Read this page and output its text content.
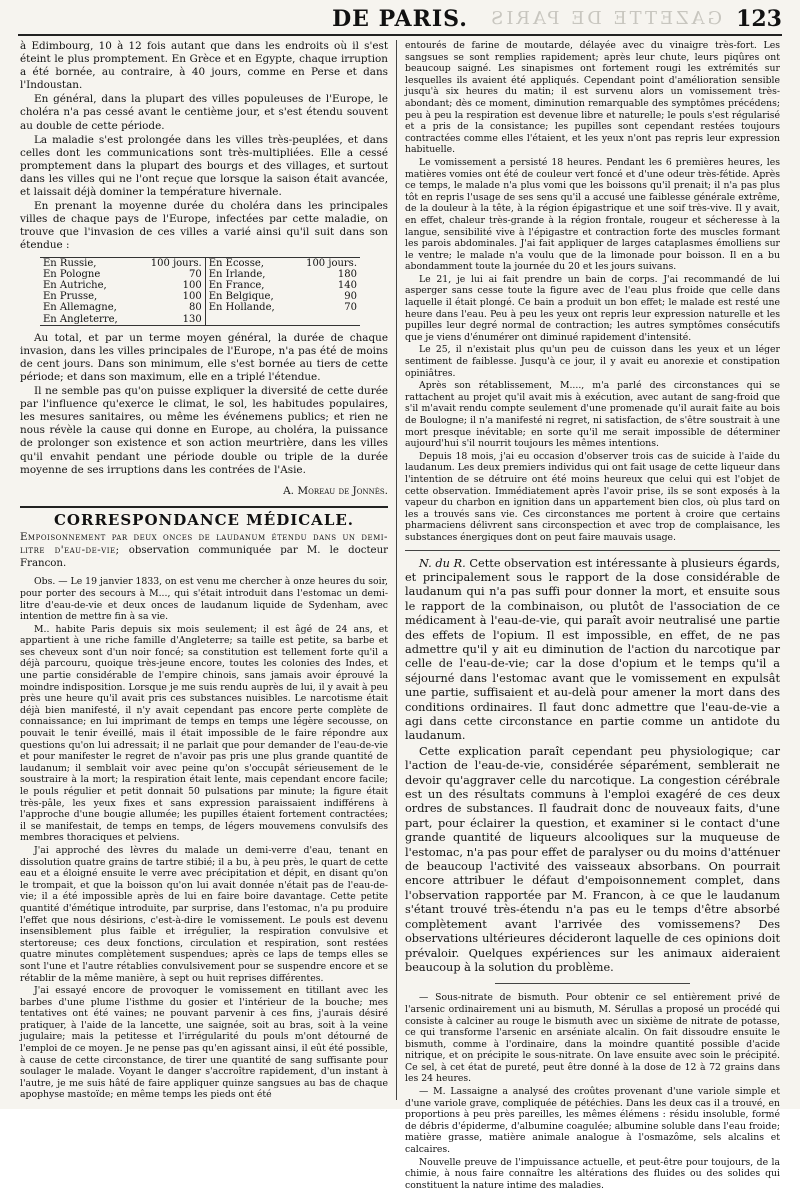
GAZETTE DE PARIS
DE PARIS.	123

à Edimbourg, 10 à 12 fois autant que dans les endroits où il s'est éteint le plus promptement. En Grèce et en Egypte, chaque irruption a été bornée, au contraire, à 40 jours, comme en Perse et dans l'Indoustan.

En général, dans la plupart des villes populeuses de l'Europe, le choléra n'a pas cessé avant le centième jour, et s'est étendu souvent au double de cette période.

La maladie s'est prolongée dans les villes très-peuplées, et dans celles dont les communications sont très-multipliées. Elle a cessé promptement dans la plupart des bourgs et des villages, et surtout dans les villes qui ne l'ont reçue que lorsque la saison était avancée, et laissait déjà dominer la température hivernale.

En prenant la moyenne durée du choléra dans les principales villes de chaque pays de l'Europe, infectées par cette maladie, on trouve que l'invasion de ces villes a varié ainsi qu'il suit dans son étendue :

En Russie,	100 jours.	En Ecosse,	100 jours.
En Pologne	70	En Irlande,	180
En Autriche,	100	En France,	140
En Prusse,	100	En Belgique,	90
En Allemagne,	80	En Hollande,	70
En Angleterre,	130		

Au total, et par un terme moyen général, la durée de chaque invasion, dans les villes principales de l'Europe, n'a pas été de moins de cent jours. Dans son minimum, elle s'est bornée au tiers de cette période; et dans son maximum, elle en a triplé l'étendue.

Il ne semble pas qu'on puisse expliquer la diversité de cette durée par l'influence qu'exerce le climat, le sol, les habitudes populaires, les mesures sanitaires, ou même les événemens publics; et rien ne nous révèle la cause qui donne en Europe, au choléra, la puissance de prolonger son existence et son action meurtrière, dans les villes qu'il envahit pendant une période double ou triple de la durée moyenne de ses irruptions dans les contrées de l'Asie.

A. Moreau de Jonnès.
CORRESPONDANCE MÉDICALE.
Empoisonnement par deux onces de laudanum étendu dans un demi-litre d'eau-de-vie; observation communiquée par M. le docteur Francon.

Obs. — Le 19 janvier 1833, on est venu me chercher à onze heures du soir, pour porter des secours à M..., qui s'était introduit dans l'estomac un demi-litre d'eau-de-vie et deux onces de laudanum liquide de Sydenham, avec intention de mettre fin à sa vie.

M.. habite Paris depuis six mois seulement; il est âgé de 24 ans, et appartient à une riche famille d'Angleterre; sa taille est petite, sa barbe et ses cheveux sont d'un noir foncé; sa constitution est tellement forte qu'il a déjà parcouru, quoique très-jeune encore, toutes les colonies des Indes, et une partie considérable de l'empire chinois, sans jamais avoir éprouvé la moindre indisposition. Lorsque je me suis rendu auprès de lui, il y avait à peu près une heure qu'il avait pris ces substances nuisibles. Le narcotisme était déjà bien manifesté, il n'y avait cependant pas encore perte complète de connaissance; en lui imprimant de temps en temps une légère secousse, on pouvait le tenir éveillé, mais il était impossible de le faire répondre aux questions qu'on lui adressait; il ne parlait que pour demander de l'eau-de-vie et pour manifester le regret de n'avoir pas pris une plus grande quantité de laudanum; il semblait voir avec peine qu'on s'occupât sérieusement de le soustraire à la mort; la respiration était lente, mais cependant encore facile; le pouls régulier et petit donnait 50 pulsations par minute; la figure était très-pâle, les yeux fixes et sans expression paraissaient indifférens à l'approche d'une bougie allumée; les pupilles étaient fortement contractées; il se manifestait, de temps en temps, de légers mouvemens convulsifs des membres thoraciques et pelviens.

J'ai approché des lèvres du malade un demi-verre d'eau, tenant en dissolution quatre grains de tartre stibié; il a bu, à peu près, le quart de cette eau et a éloigné ensuite le verre avec précipitation et dépit, en disant qu'on le trompait, et que la boisson qu'on lui avait donnée n'était pas de l'eau-de-vie; il a été impossible après de lui en faire boire davantage. Cette petite quantité d'émétique introduite, par surprise, dans l'estomac, n'a pu produire l'effet que nous désirions, c'est-à-dire le vomissement. Le pouls est devenu insensiblement plus faible et irrégulier, la respiration convulsive et stertoreuse; ces deux fonctions, circulation et respiration, sont restées quatre minutes complètement suspendues; après ce laps de temps elles se sont l'une et l'autre rétablies convulsivement pour se suspendre encore et se rétablir de la même manière, à sept ou huit reprises différentes.

J'ai essayé encore de provoquer le vomissement en titillant avec les barbes d'une plume l'isthme du gosier et l'intérieur de la bouche; mes tentatives ont été vaines; ne pouvant parvenir à ces fins, j'aurais désiré pratiquer, à l'aide de la lancette, une saignée, soit au bras, soit à la veine jugulaire; mais la petitesse et l'irrégularité du pouls m'ont détourné de l'emploi de ce moyen. Je ne pense pas qu'en agissant ainsi, il eût été possible, à cause de cette circonstance, de tirer une quantité de sang suffisante pour soulager le malade. Voyant le danger s'accroître rapidement, d'un instant à l'autre, je me suis hâté de faire appliquer quinze sangsues au bas de chaque apophyse mastoïde; en même temps les pieds ont été

entourés de farine de moutarde, délayée avec du vinaigre très-fort. Les sangsues se sont remplies rapidement; après leur chute, leurs piqûres ont beaucoup saigné. Les sinapismes ont fortement rougi les extrémités sur lesquelles ils avaient été appliqués. Cependant point d'amélioration sensible jusqu'à six heures du matin; il est survenu alors un vomissement très-abondant; dès ce moment, diminution remarquable des symptômes précédens; peu à peu la respiration est devenue libre et naturelle; le pouls s'est régularisé et a pris de la consistance; les pupilles sont cependant restées toujours contractées comme elles l'étaient, et les yeux n'ont pas repris leur expression habituelle.

Le vomissement a persisté 18 heures. Pendant les 6 premières heures, les matières vomies ont été de couleur vert foncé et d'une odeur très-fétide. Après ce temps, le malade n'a plus vomi que les boissons qu'il prenait; il n'a pas plus tôt en repris l'usage de ses sens qu'il a accusé une faiblesse générale extrême, de la douleur à la tête, à la région épigastrique et une soif très-vive. Il y avait, en effet, chaleur très-grande à la région frontale, rougeur et sécheresse à la langue, sensibilité vive à l'épigastre et contraction forte des muscles formant les parois abdominales. J'ai fait appliquer de larges cataplasmes émolliens sur le ventre; le malade n'a voulu que de la limonade pour boisson. Il en a bu abondamment toute la journée du 20 et les jours suivans.

Le 21, je lui ai fait prendre un bain de corps. J'ai recommandé de lui asperger sans cesse toute la figure avec de l'eau plus froide que celle dans laquelle il était plongé. Ce bain a produit un bon effet; le malade est resté une heure dans l'eau. Peu à peu les yeux ont repris leur expression naturelle et les pupilles leur degré normal de contraction; les autres symptômes consécutifs que je viens d'énumérer ont diminué rapidement d'intensité.

Le 25, il n'existait plus qu'un peu de cuisson dans les yeux et un léger sentiment de faiblesse. Jusqu'à ce jour, il y avait eu anorexie et constipation opiniâtres.

Après son rétablissement, M...., m'a parlé des circonstances qui se rattachent au projet qu'il avait mis à exécution, avec autant de sang-froid que s'il m'avait rendu compte seulement d'une promenade qu'il aurait faite au bois de Boulogne; il n'a manifesté ni regret, ni satisfaction, de s'être soustrait à une mort presque inévitable; en sorte qu'il me serait impossible de déterminer aujourd'hui s'il nourrit toujours les mêmes intentions.

Depuis 18 mois, j'ai eu occasion d'observer trois cas de suicide à l'aide du laudanum. Les deux premiers individus qui ont fait usage de cette liqueur dans l'intention de se détruire ont été moins heureux que celui qui est l'objet de cette observation. Immédiatement après l'avoir prise, ils se sont exposés à la vapeur du charbon en ignition dans un appartement bien clos, où plus tard on les a trouvés sans vie. Ces circonstances me portent à croire que certains pharmaciens délivrent sans circonspection et avec trop de complaisance, les substances énergiques dont on peut faire mauvais usage.

N. du R. Cette observation est intéressante à plusieurs égards, et principalement sous le rapport de la dose considérable de laudanum qui n'a pas suffi pour donner la mort, et ensuite sous le rapport de la combinaison, ou plutôt de l'association de ce médicament à l'eau-de-vie, qui paraît avoir neutralisé une partie des effets de l'opium. Il est impossible, en effet, de ne pas admettre qu'il y ait eu diminution de l'action du narcotique par celle de l'eau-de-vie; car la dose d'opium et le temps qu'il a séjourné dans l'estomac avant que le vomissement en expulsât une partie, suffisaient et au-delà pour amener la mort dans des conditions ordinaires. Il faut donc admettre que l'eau-de-vie a agi dans cette circonstance en partie comme un antidote du laudanum.

Cette explication paraît cependant peu physiologique; car l'action de l'eau-de-vie, considérée séparément, semblerait ne devoir qu'aggraver celle du narcotique. La congestion cérébrale est un des résultats communs à l'emploi exagéré de ces deux ordres de substances. Il faudrait donc de nouveaux faits, d'une part, pour éclairer la question, et examiner si le contact d'une grande quantité de liqueurs alcooliques sur la muqueuse de l'estomac, n'a pas pour effet de paralyser ou du moins d'atténuer de beaucoup l'activité des vaisseaux absorbans. On pourrait encore attribuer le défaut d'empoisonnement complet, dans l'observation rapportée par M. Francon, à ce que le laudanum s'étant trouvé très-étendu n'a pas eu le temps d'être absorbé complètement avant l'arrivée des vomissemens? Des observations ultérieures décideront laquelle de ces opinions doit prévaloir. Quelques expériences sur les animaux aideraient beaucoup à la solution du problème.

— Sous-nitrate de bismuth. Pour obtenir ce sel entièrement privé de l'arsenic ordinairement uni au bismuth, M. Sérullas a proposé un procédé qui consiste à calciner au rouge le bismuth avec un sixième de nitrate de potasse, ce qui transforme l'arsenic en arséniate alcalin. On fait dissoudre ensuite le bismuth, comme à l'ordinaire, dans la moindre quantité possible d'acide nitrique, et on précipite le sous-nitrate. On lave ensuite avec soin le précipité. Ce sel, à cet état de pureté, peut être donné à la dose de 12 à 72 grains dans les 24 heures.

— M. Lassaigne a analysé des croûtes provenant d'une variole simple et d'une variole grave, compliquée de pétéchies. Dans les deux cas il a trouvé, en proportions à peu près pareilles, les mêmes élémens : résidu insoluble, formé de débris d'épiderme, d'albumine coagulée; albumine soluble dans l'eau froide; matière grasse, matière animale analogue à l'osmazôme, sels alcalins et calcaires.

Nouvelle preuve de l'impuissance actuelle, et peut-être pour toujours, de la chimie, à nous faire connaître les altérations des fluides ou des solides qui constituent la nature intime des maladies.
